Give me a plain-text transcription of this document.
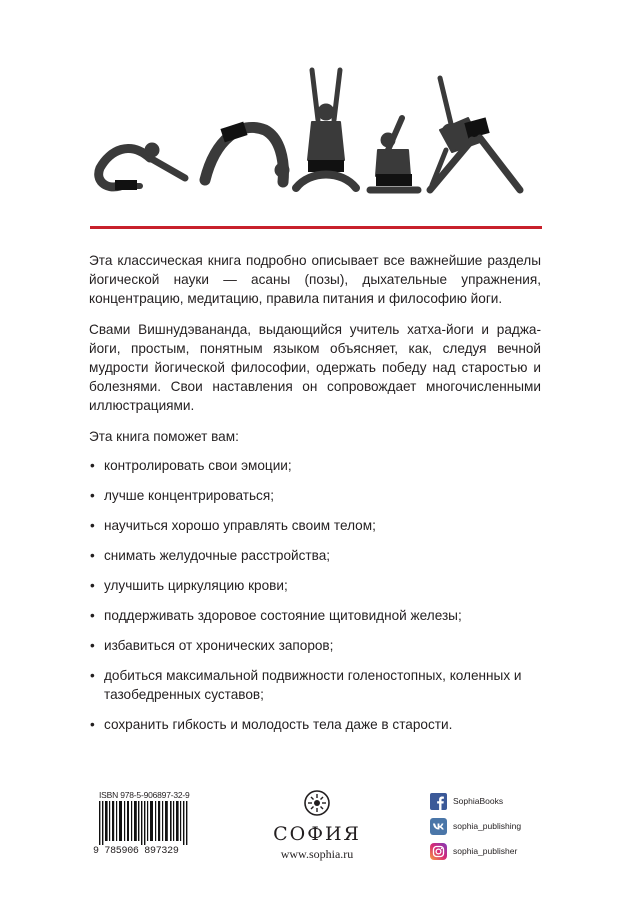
Эта классическая книга подробно описывает все важнейшие разделы йогической науки — асаны (позы), дыхательные упражнения, концентрацию, медитацию, правила питания и философию йоги.

Свами Вишнудэвананда, выдающийся учитель хатха-йоги и раджа-йоги, простым, понятным языком объясняет, как, следуя вечной мудрости йогической философии, одержать победу над старостью и болезнями. Свои наставления он сопровождает многочисленными иллюстрациями.

Эта книга поможет вам:
• контролировать свои эмоции;
• лучше концентрироваться;
• научиться хорошо управлять своим телом;
• снимать желудочные расстройства;
• улучшить циркуляцию крови;
• поддерживать здоровое состояние щитовидной железы;
• избавиться от хронических запоров;
• добиться максимальной подвижности голеностопных, коленных и тазобедренных суставов;
• сохранить гибкость и молодость тела даже в старости.
ISBN 978-5-906897-32-9
9 785906 897329
СОФИЯ
www.sophia.ru
SophiaBooks
sophia_publishing
sophia_publisher
